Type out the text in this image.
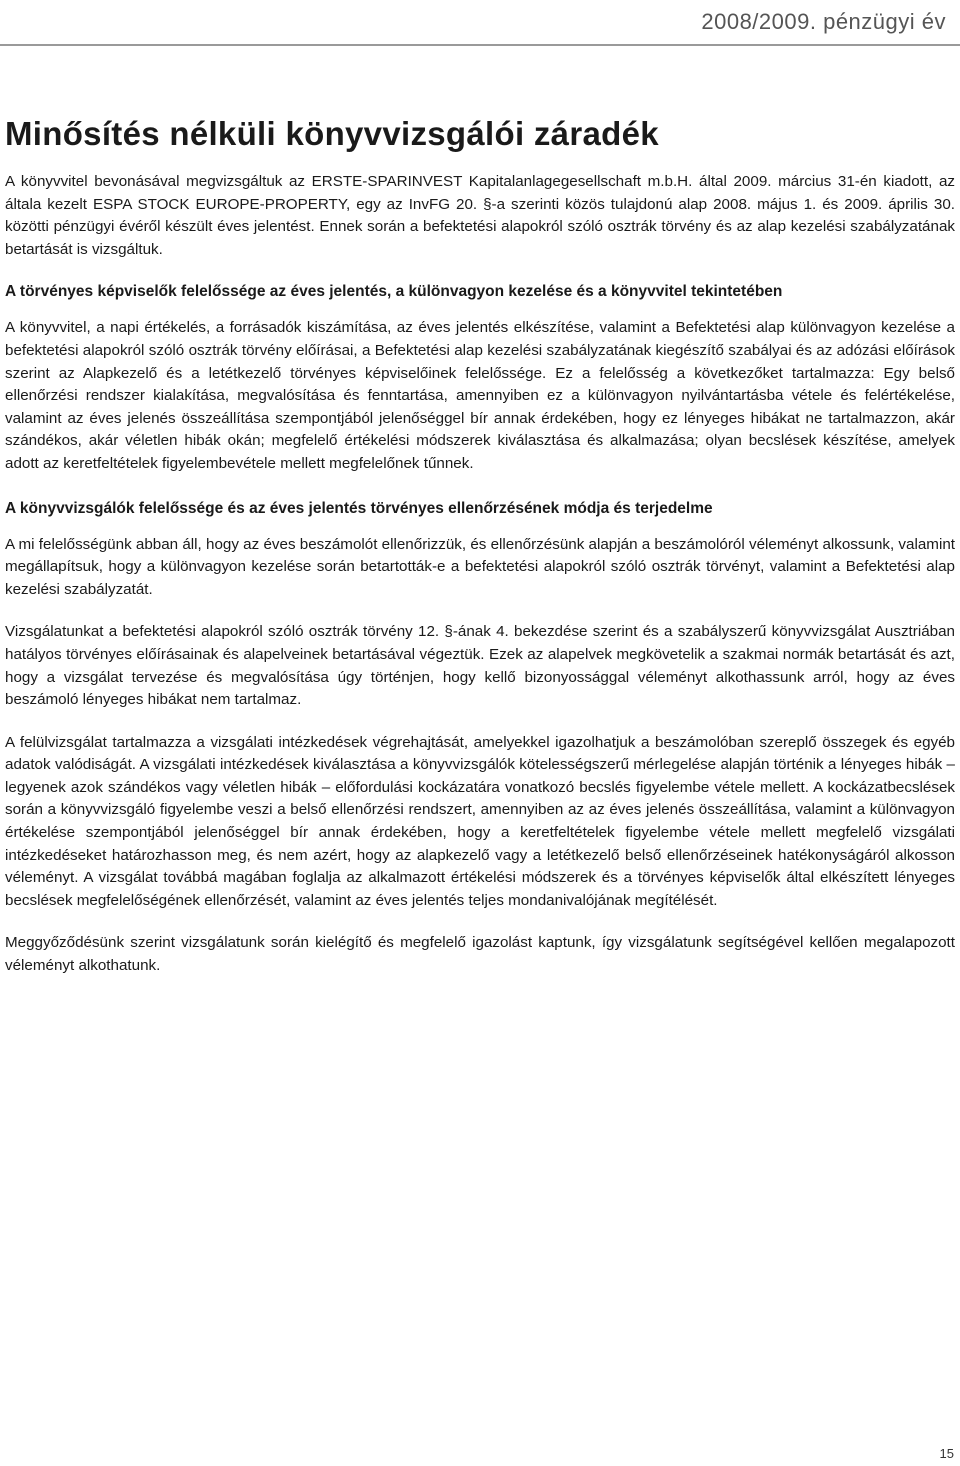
2008/2009. pénzügyi év
Minősítés nélküli könyvvizsgálói záradék

A könyvvitel bevonásával megvizsgáltuk az ERSTE-SPARINVEST Kapitalanlagegesellschaft m.b.H. által 2009. március 31-én kiadott, az általa kezelt ESPA STOCK EUROPE-PROPERTY, egy az InvFG 20. §-a szerinti közös tulajdonú alap 2008. május 1. és 2009. április 30. közötti pénzügyi évéről készült éves jelentést. Ennek során a befektetési alapokról szóló osztrák törvény és az alap kezelési szabályzatának betartását is vizsgáltuk.

A törvényes képviselők felelőssége az éves jelentés, a különvagyon kezelése és a könyvvitel tekintetében

A könyvvitel, a napi értékelés, a forrásadók kiszámítása, az éves jelentés elkészítése, valamint a Befektetési alap különvagyon kezelése a befektetési alapokról szóló osztrák törvény előírásai, a Befektetési alap kezelési szabályzatának kiegészítő szabályai és az adózási előírások szerint az Alapkezelő és a letétkezelő törvényes képviselőinek felelőssége. Ez a felelősség a következőket tartalmazza: Egy belső ellenőrzési rendszer kialakítása, megvalósítása és fenntartása, amennyiben ez a különvagyon nyilvántartásba vétele és felértékelése, valamint az éves jelenés összeállítása szempontjából jelenőséggel bír annak érdekében, hogy ez lényeges hibákat ne tartalmazzon, akár szándékos, akár véletlen hibák okán; megfelelő értékelési módszerek kiválasztása és alkalmazása; olyan becslések készítése, amelyek adott az keretfeltételek figyelembevétele mellett megfelelőnek tűnnek.

A könyvvizsgálók felelőssége és az éves jelentés törvényes ellenőrzésének módja és terjedelme

A mi felelősségünk abban áll, hogy az éves beszámolót ellenőrizzük, és ellenőrzésünk alapján a beszámolóról véleményt alkossunk, valamint megállapítsuk, hogy a különvagyon kezelése során betartották-e a befektetési alapokról szóló osztrák törvényt, valamint a Befektetési alap kezelési szabályzatát.

Vizsgálatunkat a befektetési alapokról szóló osztrák törvény 12. §-ának 4. bekezdése szerint és a szabályszerű könyvvizsgálat Ausztriában hatályos törvényes előírásainak és alapelveinek betartásával végeztük. Ezek az alapelvek megkövetelik a szakmai normák betartását és azt, hogy a vizsgálat tervezése és megvalósítása úgy történjen, hogy kellő bizonyossággal véleményt alkothassunk arról, hogy az éves beszámoló lényeges hibákat nem tartalmaz.

A felülvizsgálat tartalmazza a vizsgálati intézkedések végrehajtását, amelyekkel igazolhatjuk a beszámolóban szereplő összegek és egyéb adatok valódiságát. A vizsgálati intézkedések kiválasztása a könyvvizsgálók kötelességszerű mérlegelése alapján történik a lényeges hibák – legyenek azok szándékos vagy véletlen hibák – előfordulási kockázatára vonatkozó becslés figyelembe vétele mellett. A kockázatbecslések során a könyvvizsgáló figyelembe veszi a belső ellenőrzési rendszert, amennyiben az az éves jelenés összeállítása, valamint a különvagyon értékelése szempontjából jelenőséggel bír annak érdekében, hogy a keretfeltételek figyelembe vétele mellett megfelelő vizsgálati intézkedéseket határozhasson meg, és nem azért, hogy az alapkezelő vagy a letétkezelő belső ellenőrzéseinek hatékonyságáról alkosson véleményt. A vizsgálat továbbá magában foglalja az alkalmazott értékelési módszerek és a törvényes képviselők által elkészített lényeges becslések megfelelőségének ellenőrzését, valamint az éves jelentés teljes mondanivalójának megítélését.

Meggyőződésünk szerint vizsgálatunk során kielégítő és megfelelő igazolást kaptunk, így vizsgálatunk segítségével kellően megalapozott véleményt alkothatunk.

15
